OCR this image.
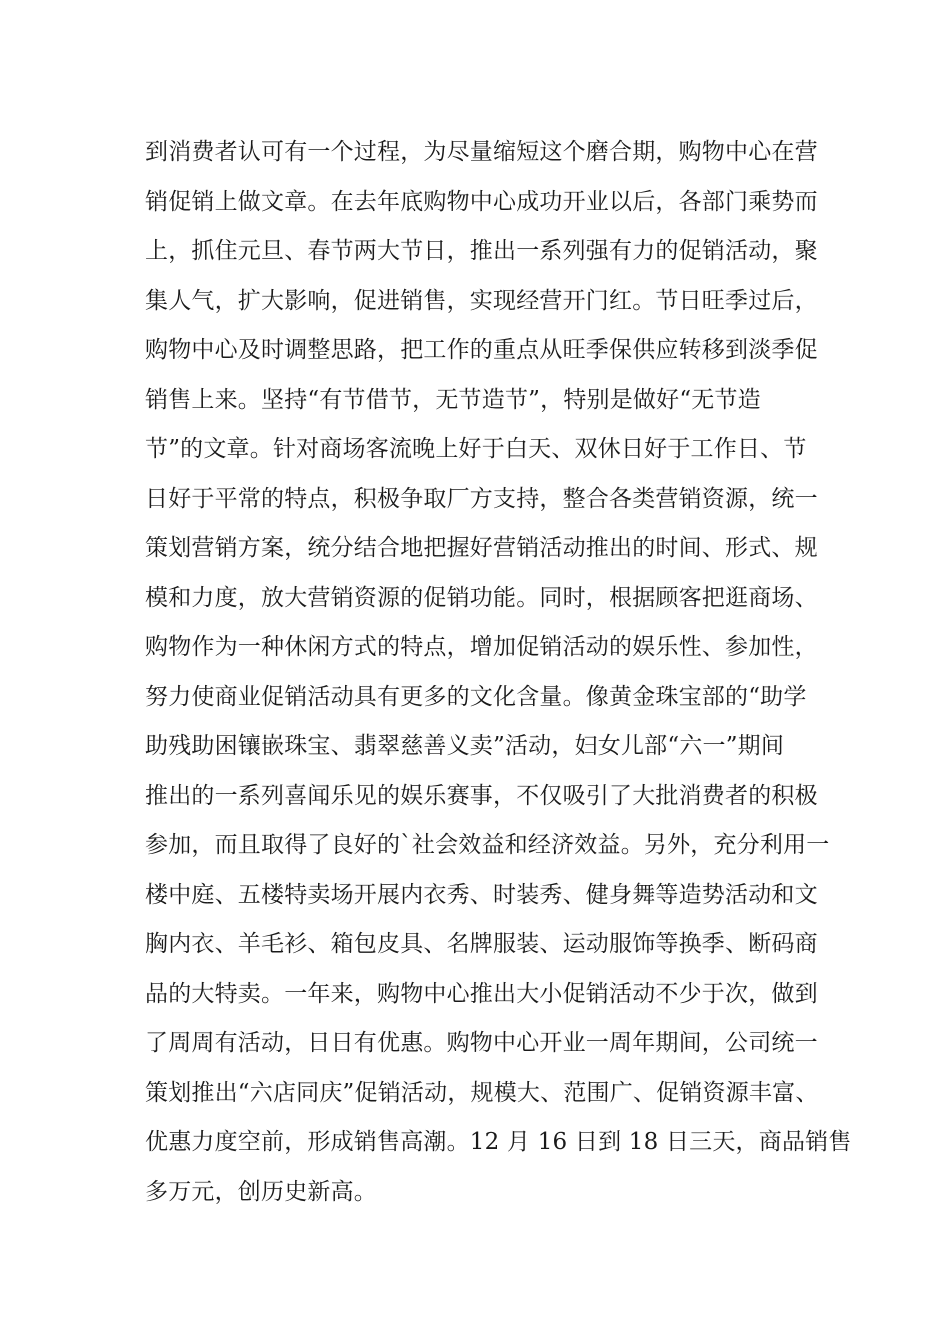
到消费者认可有一个过程，为尽量缩短这个磨合期，购物中心在营
销促销上做文章。在去年底购物中心成功开业以后，各部门乘势而
上，抓住元旦、春节两大节日，推出一系列强有力的促销活动，聚
集人气，扩大影响，促进销售，实现经营开门红。节日旺季过后，
购物中心及时调整思路，把工作的重点从旺季保供应转移到淡季促
销售上来。坚持“有节借节，无节造节”，特别是做好“无节造
节”的文章。针对商场客流晚上好于白天、双休日好于工作日、节
日好于平常的特点，积极争取厂方支持，整合各类营销资源，统一
策划营销方案，统分结合地把握好营销活动推出的时间、形式、规
模和力度，放大营销资源的促销功能。同时，根据顾客把逛商场、
购物作为一种休闲方式的特点，增加促销活动的娱乐性、参加性，
努力使商业促销活动具有更多的文化含量。像黄金珠宝部的“助学
助残助困镶嵌珠宝、翡翠慈善义卖”活动，妇女儿部“六一”期间
推出的一系列喜闻乐见的娱乐赛事，不仅吸引了大批消费者的积极
参加，而且取得了良好的`社会效益和经济效益。另外，充分利用一
楼中庭、五楼特卖场开展内衣秀、时装秀、健身舞等造势活动和文
胸内衣、羊毛衫、箱包皮具、名牌服装、运动服饰等换季、断码商
品的大特卖。一年来，购物中心推出大小促销活动不少于次，做到
了周周有活动，日日有优惠。购物中心开业一周年期间，公司统一
策划推出“六店同庆”促销活动，规模大、范围广、促销资源丰富、
优惠力度空前，形成销售高潮。12 月 16 日到 18 日三天，商品销售
多万元，创历史新高。
